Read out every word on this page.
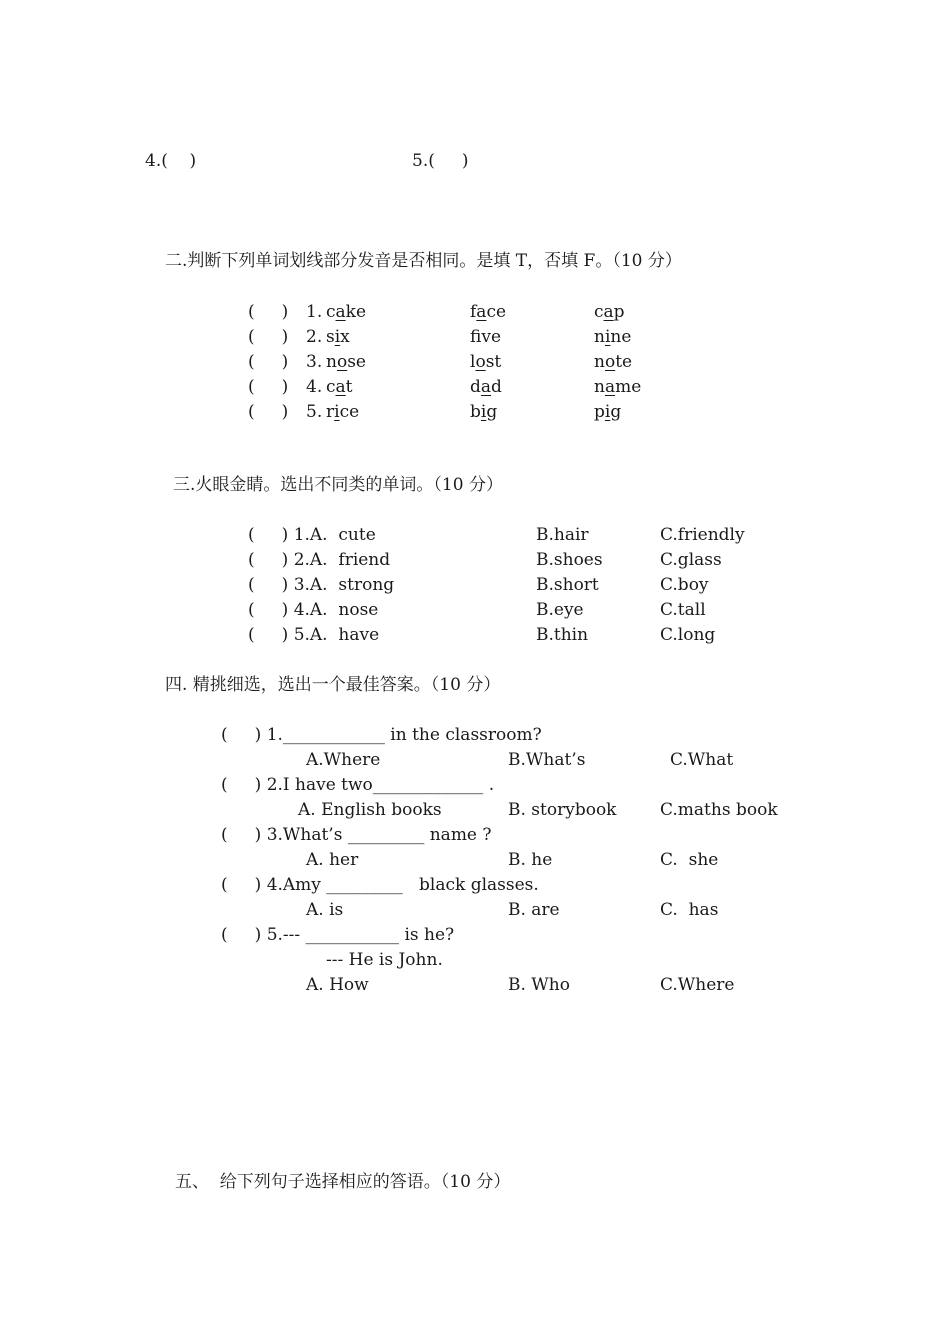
4.(    )	5.(     )
二.判断下列单词划线部分发音是否相同。是填 T，否填 F。（10 分）
(     ) 1. cake	face	cap
(     ) 2. six	fve	nine
(     ) 3. nose	lost	note
(     ) 4. cat	dad	name
(     ) 5. rice	big	pig
三.火眼金睛。选出不同类的单词。（10 分）
(     ) 1.A.  cute	B.hair	C.friendly
(     ) 2.A.  friend	B.shoes	C.glass
(     ) 3.A.  strong	B.short	C.boy
(     ) 4.A.  nose	B.eye	C.tall
(     ) 5.A.  have	B.thin	C.long
四. 精挑细选，选出一个最佳答案。（10 分）
(     ) 1.____________ in the classroom?
A.Where	B.What’s	C.What
(     ) 2.I have two_____________ .
A. English books	B. storybook	C.maths book
(     ) 3.What’s _________ name ?
A. her	B. he	C.  she
(     ) 4.Amy _________   black glasses.
A. is	B. are	C.  has
(     ) 5.--- ___________ is he?
--- He is John.
A. How	B. Who	C.Where
五、  给下列句子选择相应的答语。（10 分）
